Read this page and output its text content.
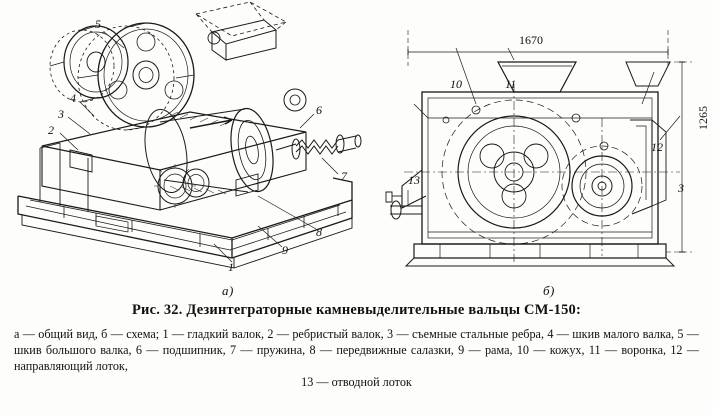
5
4
3
2
6
7
8
9
1
10	11
13
12
3
1670
1265
а)	б)
Рис. 32. Дезинтеграторные камневыделительные вальцы СМ-150:
а — общий вид, б — схема; 1 — гладкий валок, 2 — ребристый валок, 3 — съемные стальные ребра, 4 — шкив малого валка, 5 — шкив большого валка, 6 — подшипник, 7 — пружина, 8 — передвижные салазки, 9 — рама, 10 — кожух, 11 — воронка, 12 — направляющий лоток,
13 — отводной лоток
